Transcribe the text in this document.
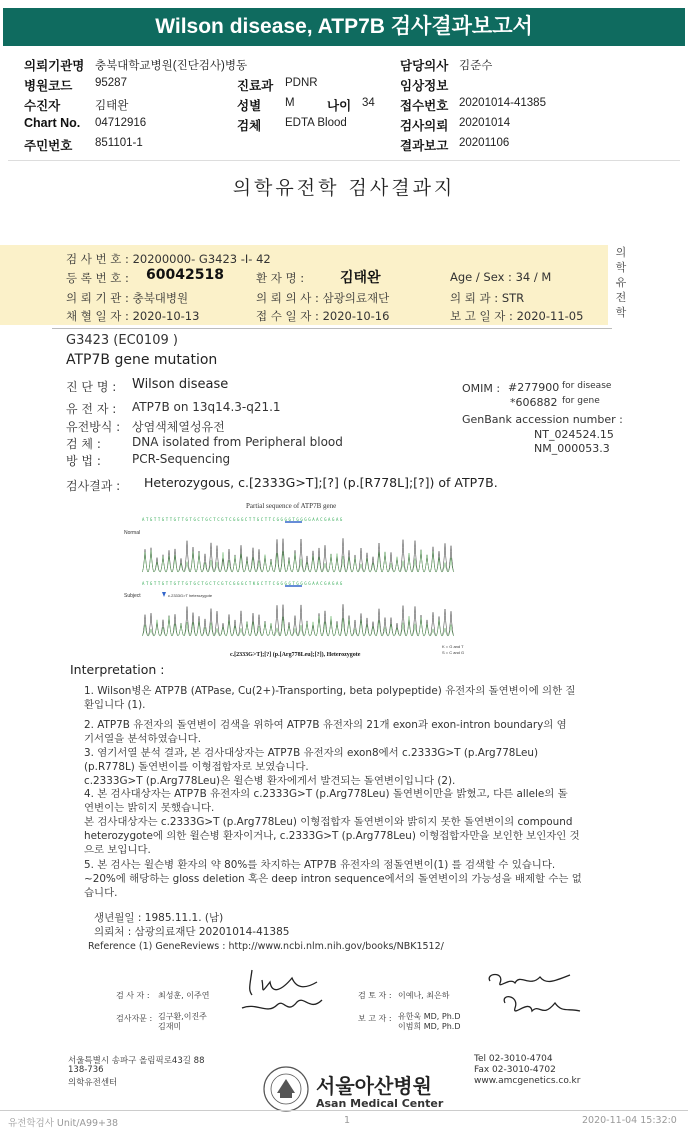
Wilson disease, ATP7B 검사결과보고서
의뢰기관명 충북대학교병원(진단검사)병동	담당의사 김준수
병원코드 95287	진료과 PDNR	임상정보
수진자	김태완	성별 M	나이 34 접수번호 20201014-41385
Chart No. 04712916	검체 EDTA Blood	검사의뢰 20201014
주민번호 851101-1	결과보고 20201106
의학유전학 검사결과지
검 사 번 호 : 20200000- G3423 -I- 42
등 록 번 호 : 60042518	환 자 명 :	김태완	Age / Sex : 34 / M
의 뢰 기 관 : 충북대병원	의 뢰 의 사 : 삼광의료재단	의 뢰 과 : STR
채 혈 일 자 : 2020-10-13	접 수 일 자 : 2020-10-16	보 고 일 자 : 2020-11-05
의학유전학
G3423 (EC0109 )
ATP7B gene mutation
진 단 명 : Wilson disease
유 전 자 : ATP7B on 13q14.3-q21.1
유전방식 : 상염색체열성유전
검 체 :	DNA isolated from Peripheral blood
방 법 :	PCR-Sequencing
OMIM : #277900 for disease
*606882 for gene
GenBank accession number :
NT_024524.15
NM_000053.3
검사결과 : Heterozygous, c.[2333G>T];[?] (p.[R778L];[?]) of ATP7B.
Partial sequence of ATP7B gene
ATGTTGTTGTTGTGCTGCTCGTCGGGCTTGCTTCGGGGTGGGGAACGAGAG
Normal
ATGTTGTTGTTGTGCTGCTCGTCGGGCTKGCTTCGGGGTGGGGAACGAGAG
Subject	c.2333G>T heterozygote
c.[2333G>T];[?] (p.[Arg778Leu];[?]), Heterozygote
K = G and T
S = C and G
Interpretation :
1. Wilson병은 ATP7B (ATPase, Cu(2+)-Transporting, beta polypeptide) 유전자의 돌연변이에 의한 질
환입니다 (1).
2. ATP7B 유전자의 돌연변이 검색을 위하여 ATP7B 유전자의 21개 exon과 exon-intron boundary의 염
기서열을 분석하였습니다.
3. 염기서열 분석 결과, 본 검사대상자는 ATP7B 유전자의 exon8에서 c.2333G>T (p.Arg778Leu)
(p.R778L) 돌연변이를 이형접합자로 보였습니다.
c.2333G>T (p.Arg778Leu)은 윌슨병 환자에게서 발견되는 돌연변이입니다 (2).
4. 본 검사대상자는 ATP7B 유전자의 c.2333G>T (p.Arg778Leu) 돌연변이만을 밝혔고, 다른 allele의 돌
연변이는 밝히지 못했습니다.
본 검사대상자는 c.2333G>T (p.Arg778Leu) 이형접합자 돌연변이와 밝히지 못한 돌연변이의 compound
heterozygote에 의한 윌슨병 환자이거나, c.2333G>T (p.Arg778Leu) 이형접합자만을 보인한 보인자인 것
으로 보입니다.
5. 본 검사는 윌슨병 환자의 약 80%를 차지하는 ATP7B 유전자의 점돌연변이(1) 를 검색할 수 있습니다.
~20%에 해당하는 gloss deletion 혹은 deep intron sequence에서의 돌연변이의 가능성을 배제할 수는 없
습니다.
생년월일 : 1985.11.1. (남)
의뢰처 : 삼광의료재단 20201014-41385
Reference (1) GeneReviews : http://www.ncbi.nlm.nih.gov/books/NBK1512/
검 사 자 : 최성훈, 이주연	검 토 자 : 이예나, 최은하
검사자문 : 김구환,이진주
김재미
보 고 자 : 유한욱 MD, Ph.D
이범희 MD, Ph.D
서울특별시 송파구 올림픽로43길 88
138-736
의학유전센터	서울아산병원
Asan Medical Center
Tel 02-3010-4704
Fax 02-3010-4702
www.amcgenetics.co.kr
유전학검사 Unit/A99+38	1	2020-11-04 15:32:0
